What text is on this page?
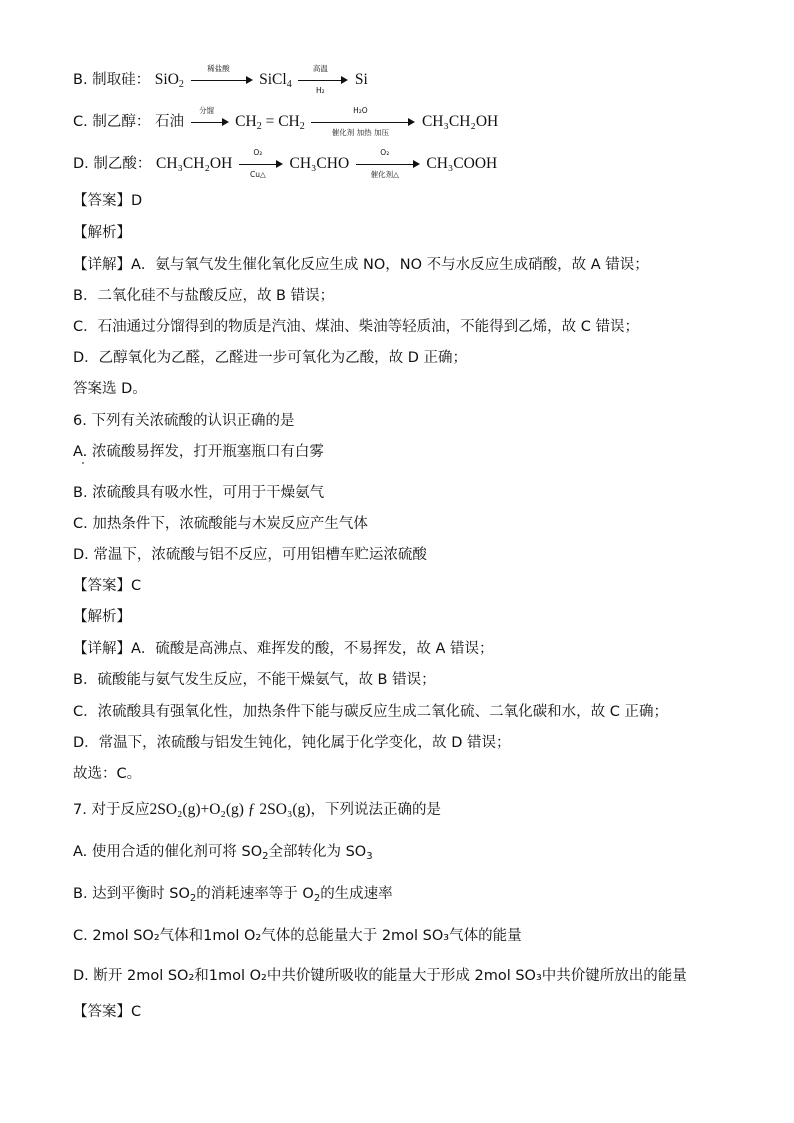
B. 制取硅： SiO$_2$
稀盐酸
SiCl$_4$
高温
H₂
Si
C. 制乙醇： 石油
分馏
$CH_2 = CH_2$
H₂O
催化剂 加热 加压
CH₃CH₂OH
D. 制乙酸： CH₃CH₂OH
O₂
Cu△
CH₃CHO
O₂
催化剂△
CH₃COOH
【答案】D
【解析】
【详解】A．氨与氧气发生催化氧化反应生成 NO，NO 不与水反应生成硝酸，故 A 错误；
B．二氧化硅不与盐酸反应，故 B 错误；
C．石油通过分馏得到的物质是汽油、煤油、柴油等轻质油，不能得到乙烯，故 C 错误；
D．乙醇氧化为乙醛，乙醛进一步可氧化为乙酸，故 D 正确；
答案选 D。
6. 下列有关浓硫酸的认识正确的是
A. 浓硫酸易挥发，打开瓶塞瓶口有白雾
B. 浓硫酸具有吸水性，可用于干燥氨气
C. 加热条件下，浓硫酸能与木炭反应产生气体
D. 常温下，浓硫酸与铝不反应，可用铝槽车贮运浓硫酸
【答案】C
【解析】
【详解】A．硫酸是高沸点、难挥发的酸，不易挥发，故 A 错误；
B．硫酸能与氨气发生反应，不能干燥氨气，故 B 错误；
C．浓硫酸具有强氧化性，加热条件下能与碳反应生成二氧化硫、二氧化碳和水，故 C 正确；
D．常温下，浓硫酸与铝发生钝化，钝化属于化学变化，故 D 错误；
故选：C。
7. 对于反应2SO₂(g)+O₂(g) ƒ 2SO₃(g)，下列说法正确的是
A. 使用合适的催化剂可将 $SO_2$全部转化为 $SO_3$
B. 达到平衡时 $SO_2$的消耗速率等于 $O_2$的生成速率
C. 2mol SO₂气体和1mol O₂气体的总能量大于 2mol SO₃气体的能量
D. 断开 2mol SO₂和1mol O₂中共价键所吸收的能量大于形成 2mol SO₃中共价键所放出的能量
【答案】C
